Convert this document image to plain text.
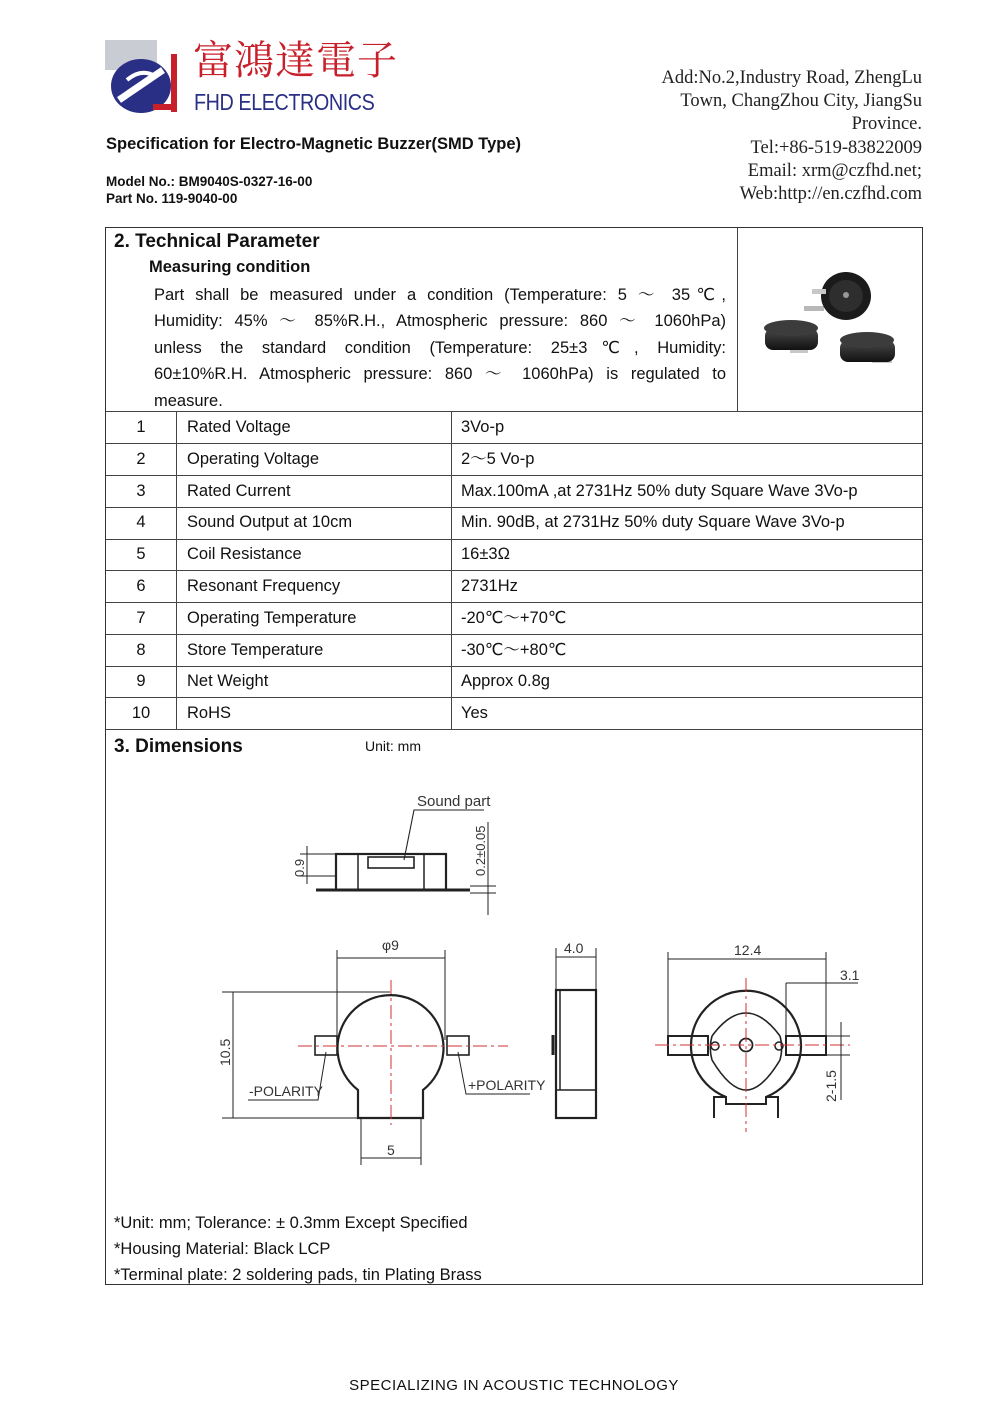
富鴻達電子
FHD ELECTRONICS
Specification for Electro-Magnetic Buzzer(SMD Type)
Model No.: BM9040S-0327-16-00
Part No. 119-9040-00
Add:No.2,Industry Road, ZhengLu
Town, ChangZhou City, JiangSu
Province.
Tel:+86-519-83822009
Email: xrm@czfhd.net;
Web:http://en.czfhd.com
2. Technical Parameter
Measuring condition
Part shall be measured under a condition (Temperature: 5 ～ 35℃,
Humidity: 45% ～ 85%R.H., Atmospheric pressure: 860 ～ 1060hPa)
unless the standard condition (Temperature: 25±3℃, Humidity:
60±10%R.H. Atmospheric pressure: 860 ～ 1060hPa) is regulated to
measure.
1	Rated Voltage	3Vo-p
2	Operating Voltage	2～5 Vo-p
3	Rated Current	Max.100mA ,at 2731Hz 50% duty Square Wave 3Vo-p
4	Sound Output at 10cm	Min. 90dB, at 2731Hz 50% duty Square Wave 3Vo-p
5	Coil Resistance	16±3Ω
6	Resonant Frequency	2731Hz
7	Operating Temperature	-20℃～+70℃
8	Store Temperature	-30℃～+80℃
9	Net Weight	Approx 0.8g
10	RoHS	Yes
3. Dimensions	Unit: mm
Sound part
0.9	0.2±0.05
φ9
10.5
5
-POLARITY	+POLARITY
4.0	12.4
3.1
2-1.5
*Unit: mm; Tolerance: ± 0.3mm Except Specified
*Housing Material: Black LCP
*Terminal plate: 2 soldering pads, tin Plating Brass
SPECIALIZING IN ACOUSTIC TECHNOLOGY
